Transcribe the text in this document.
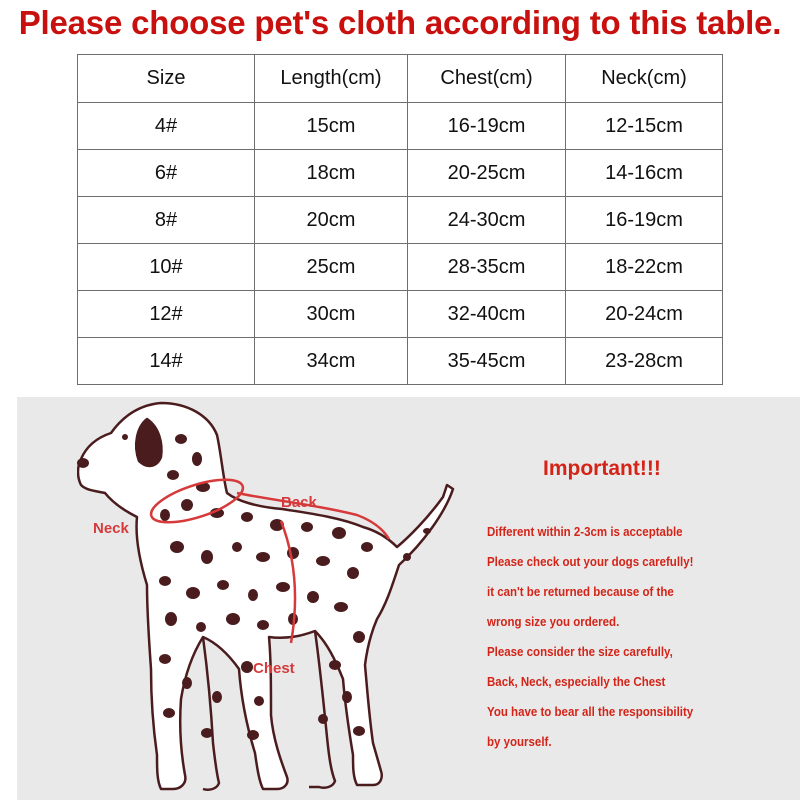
Please choose pet's cloth according to this table.
Size	Length(cm)	Chest(cm)	Neck(cm)
4#	15cm	16-19cm	12-15cm
6#	18cm	20-25cm	14-16cm
8#	20cm	24-30cm	16-19cm
10#	25cm	28-35cm	18-22cm
12#	30cm	32-40cm	20-24cm
14#	34cm	35-45cm	23-28cm
Neck
Back
Chest
Important!!!
Different within 2-3cm is acceptable
Please check out your dogs carefully!
it can't be returned because of the
wrong size you ordered.
Please consider the size carefully,
Back, Neck, especially the Chest
You have to bear all the responsibility
by yourself.
